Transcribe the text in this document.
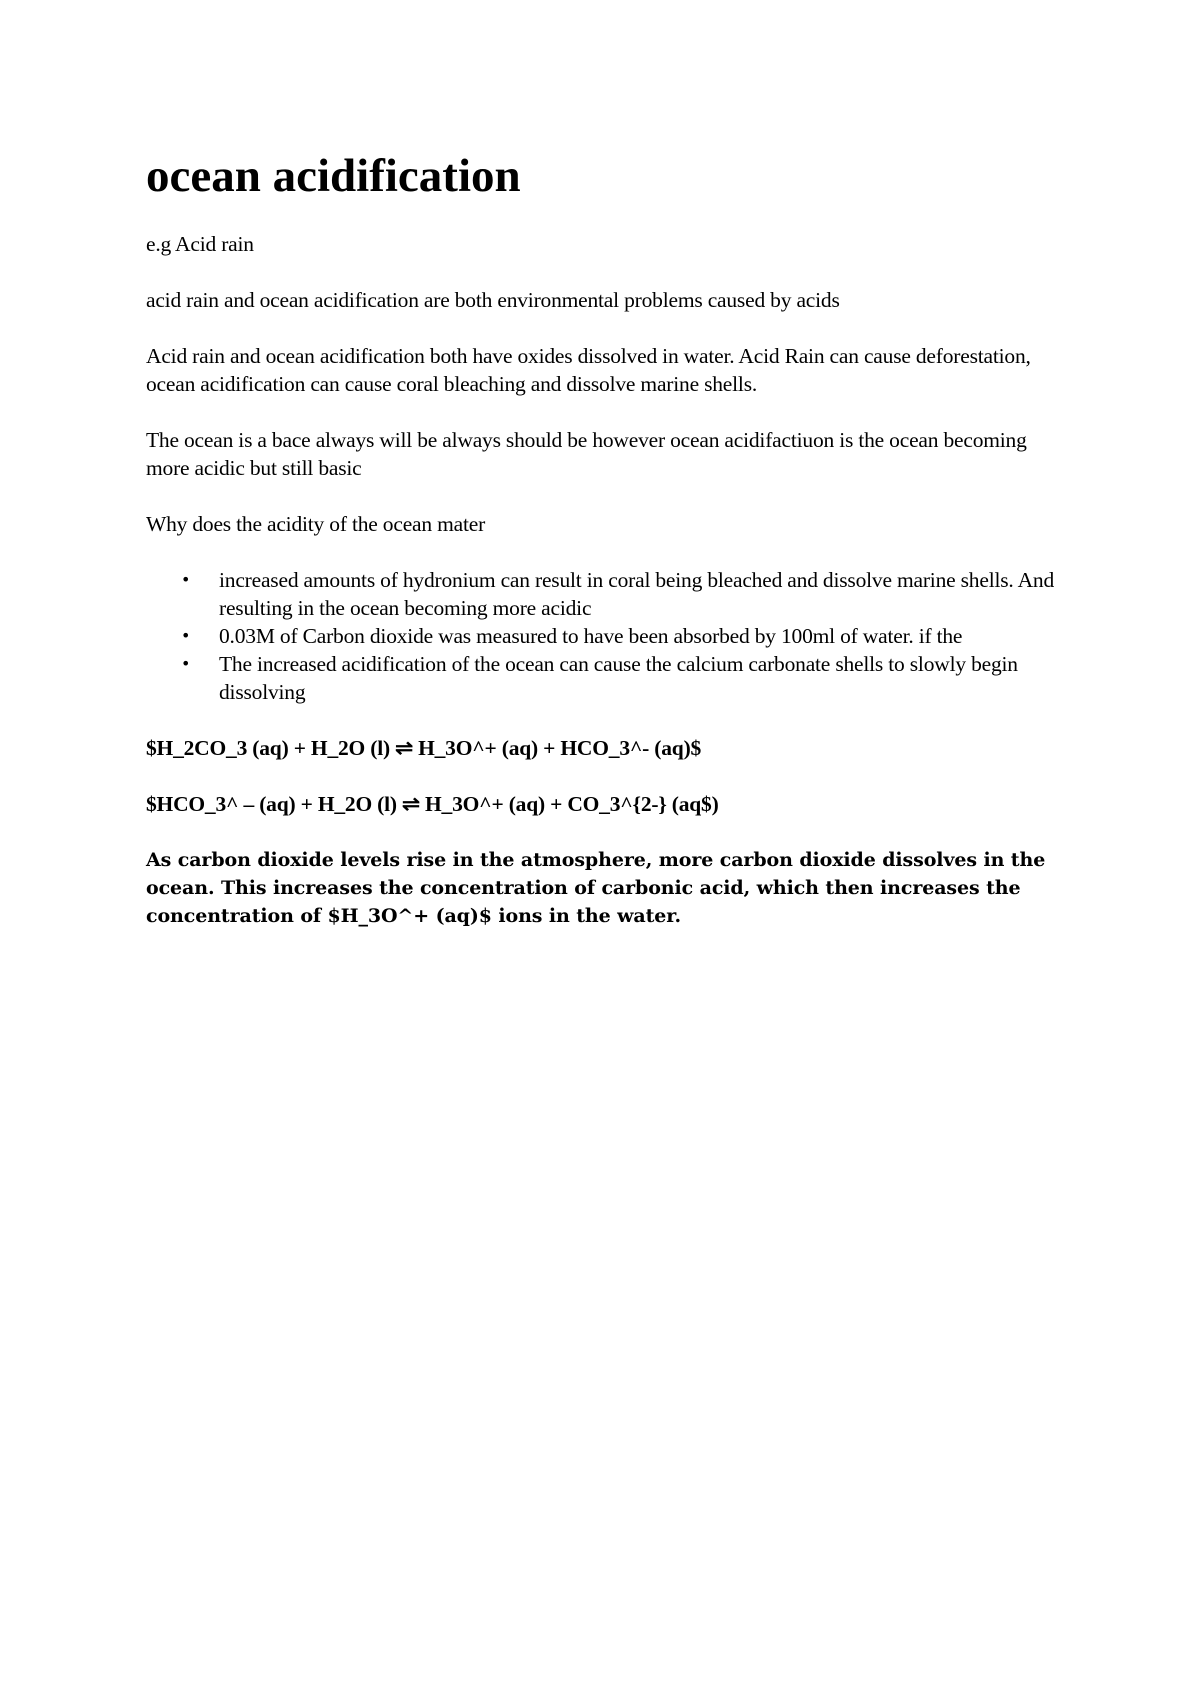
ocean acidification

e.g Acid rain

acid rain and ocean acidification are both environmental problems caused by acids

Acid rain and ocean acidification both have oxides dissolved in water. Acid Rain can cause deforestation, ocean acidification can cause coral bleaching and dissolve marine shells.

The ocean is a bace always will be always should be however ocean acidifactiuon is the ocean becoming more acidic but still basic

Why does the acidity of the ocean mater

• increased amounts of hydronium can result in coral being bleached and dissolve marine shells. And resulting in the ocean becoming more acidic
• 0.03M of Carbon dioxide was measured to have been absorbed by 100ml of water. if the
• The increased acidification of the ocean can cause the calcium carbonate shells to slowly begin dissolving

$H_2CO_3 (aq) + H_2O (l) ⇌ H_3O^+ (aq) + HCO_3^- (aq)$

$HCO_3^ – (aq) + H_2O (l) ⇌ H_3O^+ (aq) + CO_3^{2-} (aq$)

As carbon dioxide levels rise in the atmosphere, more carbon dioxide dissolves in the ocean. This increases the concentration of carbonic acid, which then increases the concentration of $H_3O^+ (aq)$ ions in the water.
